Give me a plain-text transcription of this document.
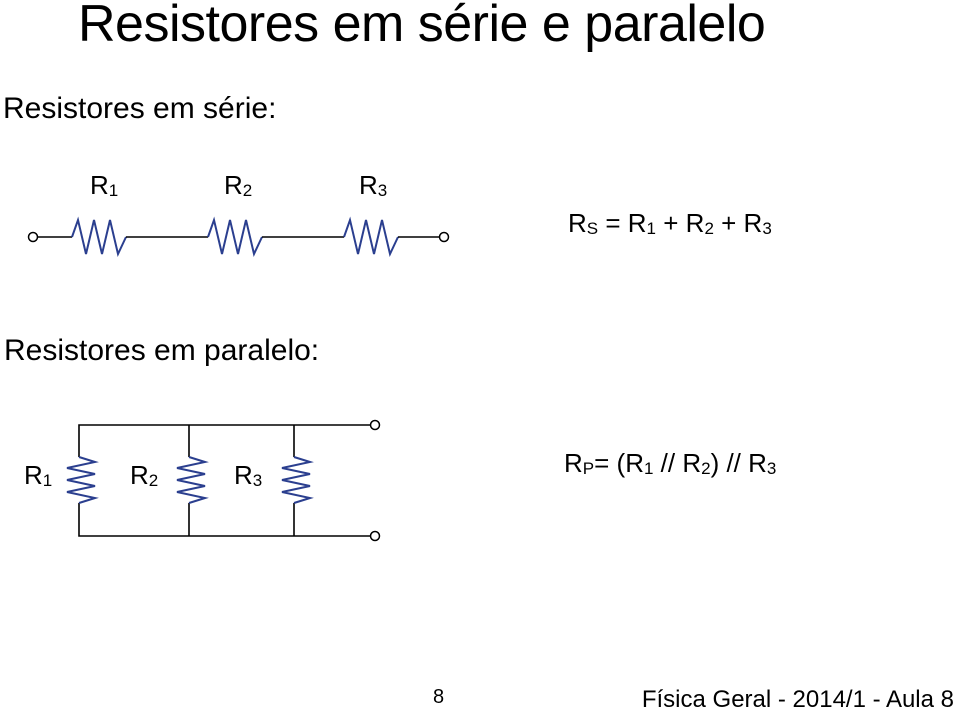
Resistores em série e paralelo
Resistores em série:
$R_1$	$R_2$	$R_3$
$R_S = R_1 + R_2 + R_3$
Resistores em paralelo:
$R_1$	$R_2$	$R_3$
$R_P= (R_1 // R_2) // R_3$
8	Física Geral - 2014/1 - Aula 8
